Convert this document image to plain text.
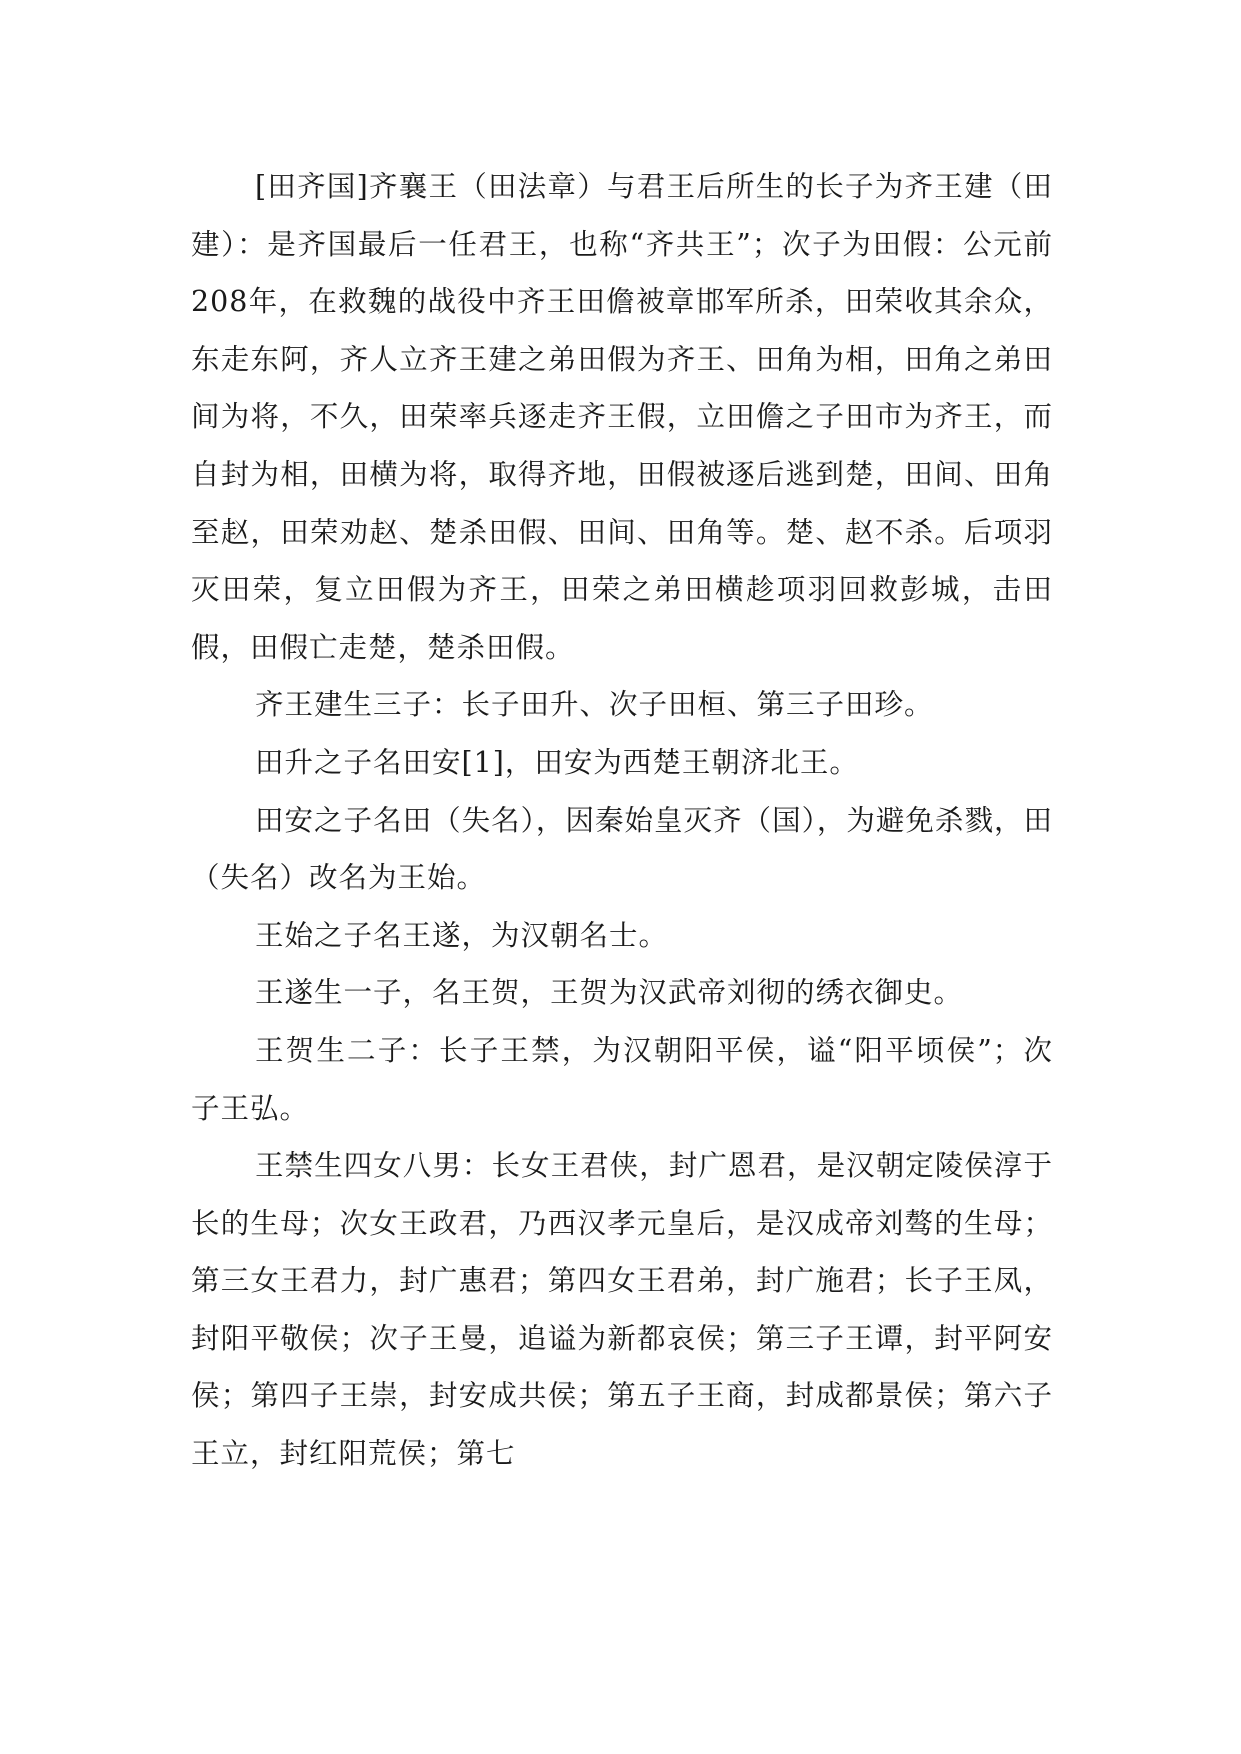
[田齐国]齐襄王（田法章）与君王后所生的长子为齐王建（田建）：是齐国最后一任君王，也称“齐共王”；次子为田假：公元前208年，在救魏的战役中齐王田儋被章邯军所杀，田荣收其余众，东走东阿，齐人立齐王建之弟田假为齐王、田角为相，田角之弟田间为将，不久，田荣率兵逐走齐王假，立田儋之子田市为齐王，而自封为相，田横为将，取得齐地，田假被逐后逃到楚，田间、田角至赵，田荣劝赵、楚杀田假、田间、田角等。楚、赵不杀。后项羽灭田荣，复立田假为齐王，田荣之弟田横趁项羽回救彭城，击田假，田假亡走楚，楚杀田假。

齐王建生三子：长子田升、次子田桓、第三子田珍。

田升之子名田安[1]，田安为西楚王朝济北王。

田安之子名田（失名），因秦始皇灭齐（国），为避免杀戮，田（失名）改名为王始。

王始之子名王遂，为汉朝名士。

王遂生一子，名王贺，王贺为汉武帝刘彻的绣衣御史。

王贺生二子：长子王禁，为汉朝阳平侯，谥“阳平顷侯”；次子王弘。

王禁生四女八男：长女王君侠，封广恩君，是汉朝定陵侯淳于长的生母；次女王政君，乃西汉孝元皇后，是汉成帝刘骜的生母；第三女王君力，封广惠君；第四女王君弟，封广施君；长子王凤，封阳平敬侯；次子王曼，追谥为新都哀侯；第三子王谭，封平阿安侯；第四子王崇，封安成共侯；第五子王商，封成都景侯；第六子王立，封红阳荒侯；第七
